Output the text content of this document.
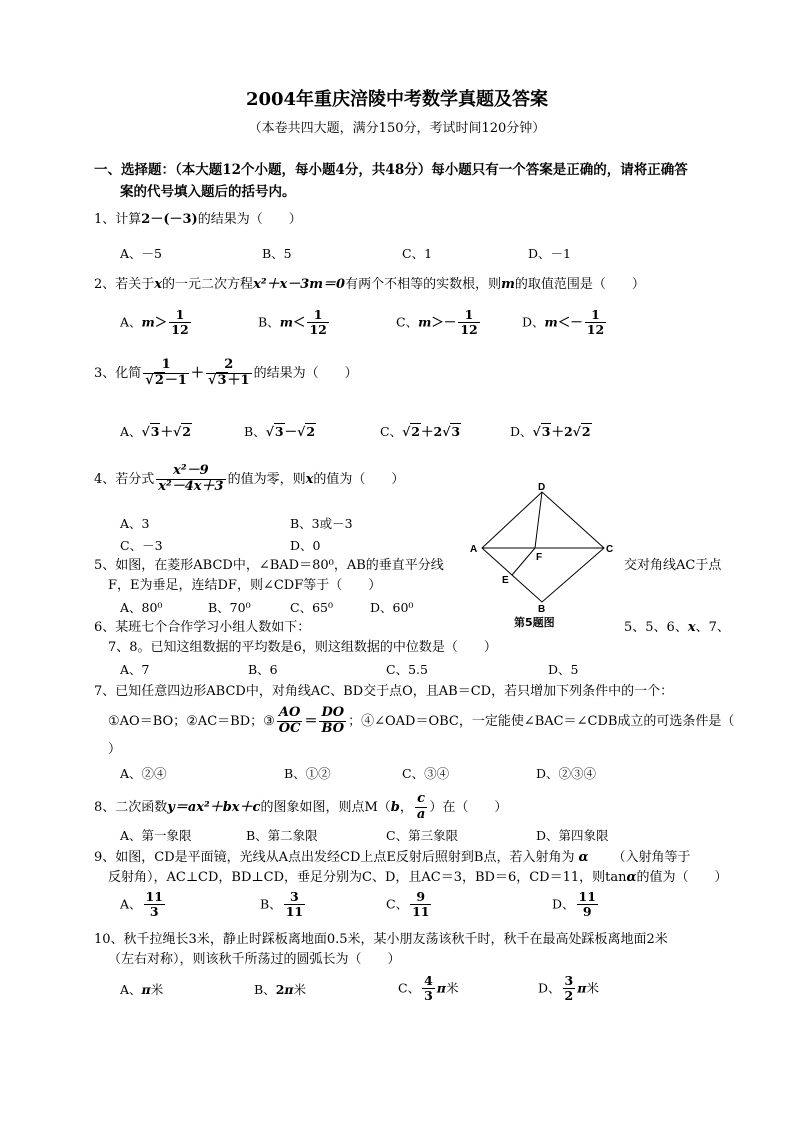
2004年重庆涪陵中考数学真题及答案
（本卷共四大题，满分150分，考试时间120分钟）
一、选择题：（本大题12个小题，每小题4分，共48分）每小题只有一个答案是正确的，请将正确答
案的代号填入题后的括号内。
1、计算2－(－3)的结果为（　　）
A、－5	B、5	C、1	D、－1
2、若关于x的一元二次方程x²＋x－3m＝0有两个不相等的实数根，则m的取值范围是（　　）
A、$m> \frac{1}{12}$	B、$m< \frac{1}{12}$	C、$m>- \frac{1}{12}$	D、$m<- \frac{1}{12}$
3、化简 $\frac{1}{√2-1} + \frac{2}{√3+1}$ 的结果为（　　）
A、√3＋√2	B、√3－√2	C、√2＋2√3	D、√3＋2√2
4、若分式 $\frac{\text{x²－9}}{\text{x²－4x＋3}}$ 的值为零，则x的值为（　　）
A、3	B、3或－3
C、－3	D、0
D
A	C
B
F
E
第5题图
5、如图，在菱形ABCD中，∠BAD＝80⁰，AB的垂直平分线	交对角线AC于点
F，E为垂足，连结DF，则∠CDF等于（　　）
A、80⁰	B、70⁰	C、65⁰	D、60⁰
6、某班七个合作学习小组人数如下：	5、5、6、x、7、
7、8。已知这组数据的平均数是6，则这组数据的中位数是（　　）
A、7	B、6	C、5.5	D、5
7、已知任意四边形ABCD中，对角线AC、BD交于点O，且AB＝CD，若只增加下列条件中的一个：
①AO＝BO；②AC＝BD；③ $\frac{AO}{OC} = \frac{DO}{BO}$ ；④∠OAD＝OBC，一定能使∠BAC＝∠CDB成立的可选条件是（
）
A、②④	B、①②	C、③④	D、②③④
8、二次函数y＝ax²＋bx＋c的图象如图，则点M（b， $\frac{c}{a}$ ）在（　　）
A、第一象限	B、第二象限	C、第三象限	D、第四象限
9、如图，CD是平面镜，光线从A点出发经CD上点E反射后照射到B点，若入射角为 α （入射角等于
反射角），AC⊥CD，BD⊥CD，垂足分别为C、D，且AC＝3，BD＝6，CD＝11，则tanα的值为（　　）
A、 $\frac{11}{3}$	B、 $\frac{3}{11}$	C、 $\frac{9}{11}$	D、 $\frac{11}{9}$
10、秋千拉绳长3米，静止时踩板离地面0.5米，某小朋友荡该秋千时，秋千在最高处踩板离地面2米
（左右对称），则该秋千所荡过的圆弧长为（　　）
A、π米	B、2π米	C、 $\frac{4}{3}$ π米	D、 $\frac{3}{2}$ π米
